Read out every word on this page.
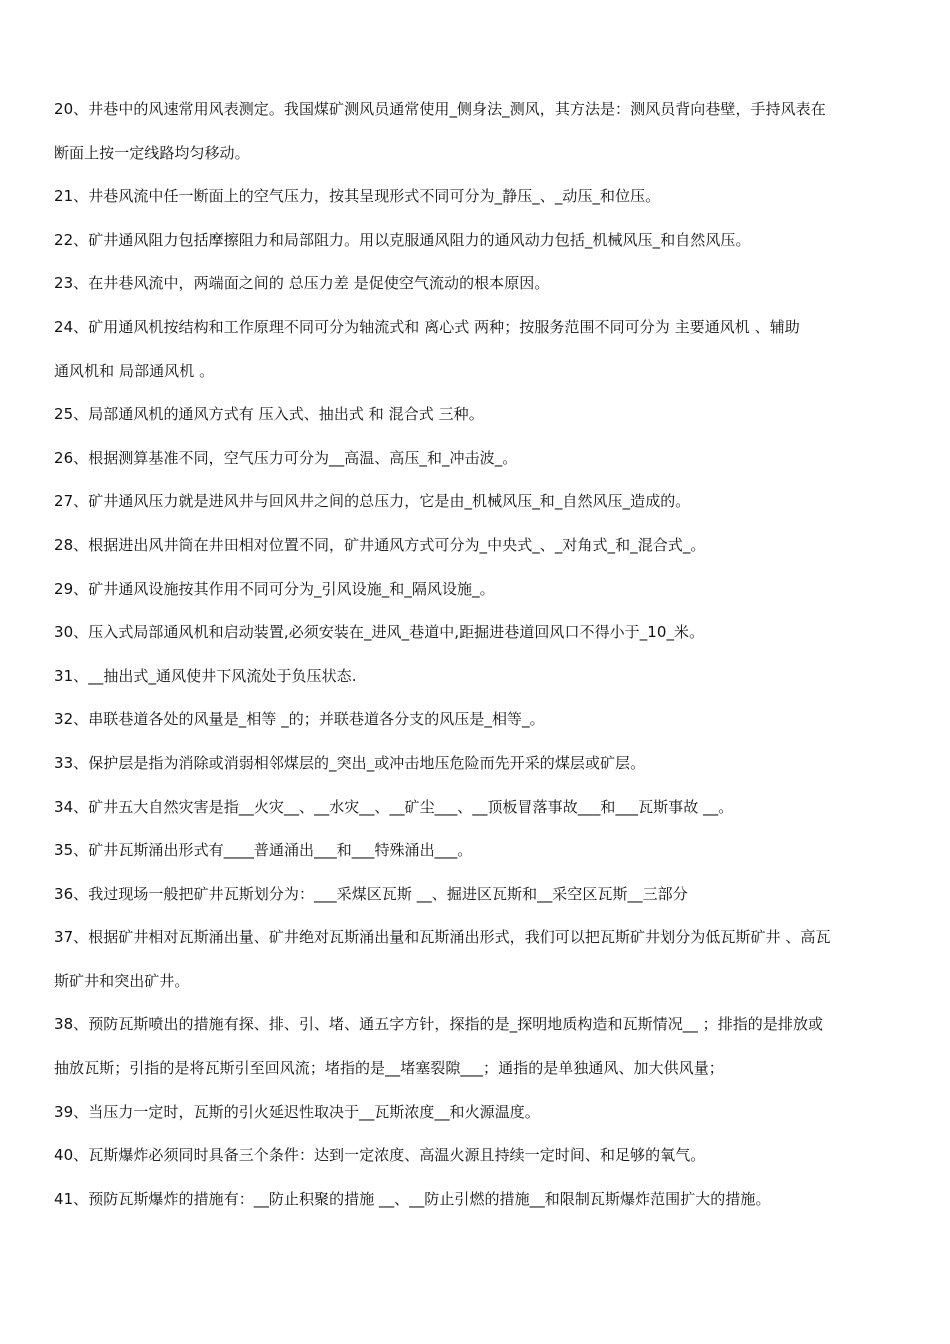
20、井巷中的风速常用风表测定。我国煤矿测风员通常使用_侧身法_测风，其方法是：测风员背向巷壁，手持风表在
断面上按一定线路均匀移动。
21、井巷风流中任一断面上的空气压力，按其呈现形式不同可分为_静压_、_动压_和位压。
22、矿井通风阻力包括摩擦阻力和局部阻力。用以克服通风阻力的通风动力包括_机械风压_和自然风压。
23、在井巷风流中，两端面之间的 总压力差 是促使空气流动的根本原因。
24、矿用通风机按结构和工作原理不同可分为轴流式和 离心式 两种；按服务范围不同可分为 主要通风机 、辅助
通风机和 局部通风机 。
25、局部通风机的通风方式有 压入式、抽出式 和 混合式 三种。
26、根据测算基准不同，空气压力可分为__高温、高压_和_冲击波_。
27、矿井通风压力就是进风井与回风井之间的总压力，它是由_机械风压_和_自然风压_造成的。
28、根据进出风井筒在井田相对位置不同，矿井通风方式可分为_中央式_、_对角式_和_混合式_。
29、矿井通风设施按其作用不同可分为_引风设施_和_隔风设施_。
30、压入式局部通风机和启动装置,必须安装在_进风_巷道中,距掘进巷道回风口不得小于_10_米。
31、__抽出式_通风使井下风流处于负压状态.
32、串联巷道各处的风量是_相等 _的；并联巷道各分支的风压是_相等_。
33、保护层是指为消除或消弱相邻煤层的_突出_或冲击地压危险而先开采的煤层或矿层。
34、矿井五大自然灾害是指__火灾__、__水灾__、__矿尘___、__顶板冒落事故___和___瓦斯事故 __。
35、矿井瓦斯涌出形式有____普通涌出___和___特殊涌出___。
36、我过现场一般把矿井瓦斯划分为：___采煤区瓦斯 __、掘进区瓦斯和__采空区瓦斯__三部分
37、根据矿井相对瓦斯涌出量、矿井绝对瓦斯涌出量和瓦斯涌出形式，我们可以把瓦斯矿井划分为低瓦斯矿井 、高瓦
斯矿井和突出矿井。
38、预防瓦斯喷出的措施有探、排、引、堵、通五字方针，探指的是_探明地质构造和瓦斯情况__ ；排指的是排放或
抽放瓦斯；引指的是将瓦斯引至回风流；堵指的是__堵塞裂隙___；通指的是单独通风、加大供风量；
39、当压力一定时，瓦斯的引火延迟性取决于__瓦斯浓度__和火源温度。
40、瓦斯爆炸必须同时具备三个条件：达到一定浓度、高温火源且持续一定时间、和足够的氧气。
41、预防瓦斯爆炸的措施有：__防止积聚的措施 __、__防止引燃的措施__和限制瓦斯爆炸范围扩大的措施。
